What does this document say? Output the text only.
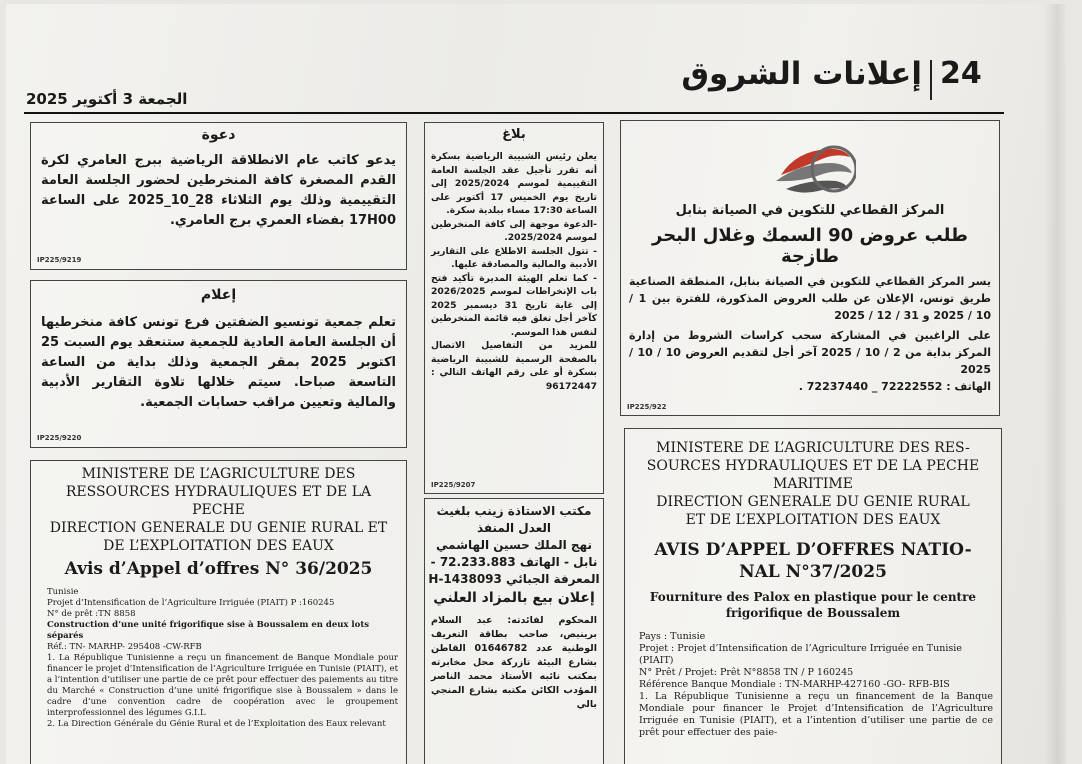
24
إعلانات الشروق
الجمعة 3 أكتوير 2025
دعوة
يدعو كاتب عام الانطلاقة الرياضية ببرج العامري لكرة القدم المصغرة كافة المنخرطين لحضور الجلسة العامة التقييمية وذلك يوم الثلاثاء 28_10_2025 على الساعة 17H00 بفضاء العمري برج العامري.
IP225/9219
إعلام
تعلم جمعية تونسيو الضفتين فرع تونس كافة منخرطيها أن الجلسة العامة العادية للجمعية ستنعقد يوم السبت 25 اكتوبر 2025 بمقر الجمعية وذلك بداية من الساعة التاسعة صباحا. سيتم خلالها تلاوة التقارير الأدبية والمالية وتعيين مراقب حسابات الجمعية.
IP225/9220
MINISTERE DE L’AGRICULTURE DES RESSOURCES HYDRAULIQUES ET DE LA PECHE
DIRECTION GENERALE DU GENIE RURAL ET DE L’EXPLOITATION DES EAUX
Avis d’Appel d’offres N° 36/2025
Tunisie
Projet d’Intensification de l’Agriculture Irriguée (PIAIT) P :160245
N° de prêt :TN 8858
Construction d’une unité frigorifique sise à Boussalem en deux lots séparés
Réf.: TN- MARHP- 295408 -CW-RFB
1. La République Tunisienne a reçu un financement de Banque Mondiale pour financer le projet d’Intensification de l’Agriculture Irriguée en Tunisie (PIAIT), et a l’intention d’utiliser une partie de ce prêt pour effectuer des paiements au titre du Marché « Construction d’une unité frigorifique sise à Boussalem » dans le cadre d’une convention cadre de coopération avec le groupement interprofessionnel des légumes G.I.L
2. La Direction Générale du Génie Rural et de l’Exploitation des Eaux relevant
بلاغ
يعلن رئيس الشبيبة الرياضية بسكرة أنه تقرر تأجيل عقد الجلسة العامة التقييمية لموسم 2025/2024 إلى تاريخ يوم الخميس 17 أكتوبر على الساعة 17:30 مساء ببلدية سكرة.
-الدعوة موجهة إلى كافة المنخرطين لموسم 2025/2024.
- تتول الجلسة الاطلاع على التقارير الأدبية والمالية والمصادقة عليها.
- كما تعلم الهيئة المديرة تأكيد فتح باب الإنخراطات لموسم 2026/2025 إلى غاية تاريخ 31 ديسمبر 2025 كآخر أجل تغلق فيه قائمة المنخرطين لنفس هذا الموسم.
للمزيد من التفاصيل الاتصال بالصفحة الرسمية للشبيبة الرياضية بسكرة أو على رقم الهاتف التالي : 96172447
IP225/9207
مكتب الاستاذة زينب بلغيث
العدل المنفذ
نهج الملك حسين الهاشمي
نابل - الهاتف 72.233.883 -
المعرفة الجبائي 1438093-H
إعلان بيع بالمزاد العلني
المحكوم لفائدته: عبد السلام برينيص، صاحب بطاقة التعريف الوطنية عدد 01646782 القاطن بشارع البيئة تازركة محل مخابرته بمكتب نائبه الأستاذ محمد الناصر المؤدب الكائن مكتبه بشارع المنجي بالي
المركز القطاعي للتكوين في الصيانة بنابل
طلب عروض 90 السمك وغلال البحر طازجة
يسر المركز القطاعي للتكوين في الصيانة بنابل، المنطقة الصناعية طريق تونس، الإعلان عن طلب العروض المذكورة، للفترة بين 1 / 10 / 2025 و 31 / 12 / 2025
على الراغبين في المشاركة سحب كراسات الشروط من إدارة المركز بداية من 2 / 10 / 2025 آخر أجل لتقديم العروض 10 / 10 / 2025
الهاتف : 72222552 _ 72237440 .
IP225/922
MINISTERE DE L’AGRICULTURE DES RES-SOURCES HYDRAULIQUES ET DE LA PECHE MARITIME
DIRECTION GENERALE DU GENIE RURAL ET DE L’EXPLOITATION DES EAUX
AVIS D’APPEL D’OFFRES NATIO-NAL N°37/2025
Fourniture des Palox en plastique pour le centre frigorifique de Boussalem
Pays : Tunisie
Projet : Projet d’Intensification de l’Agriculture Irriguée en Tunisie (PIAIT)
N° Prêt / Projet: Prêt N°8858 TN / P 160245
Référence Banque Mondiale : TN-MARHP-427160 -GO- RFB-BIS
1. La République Tunisienne a reçu un financement de la Banque Mondiale pour financer le Projet d’Intensification de l’Agriculture Irriguée en Tunisie (PIAIT), et a l’intention d’utiliser une partie de ce prêt pour effectuer des paie-
